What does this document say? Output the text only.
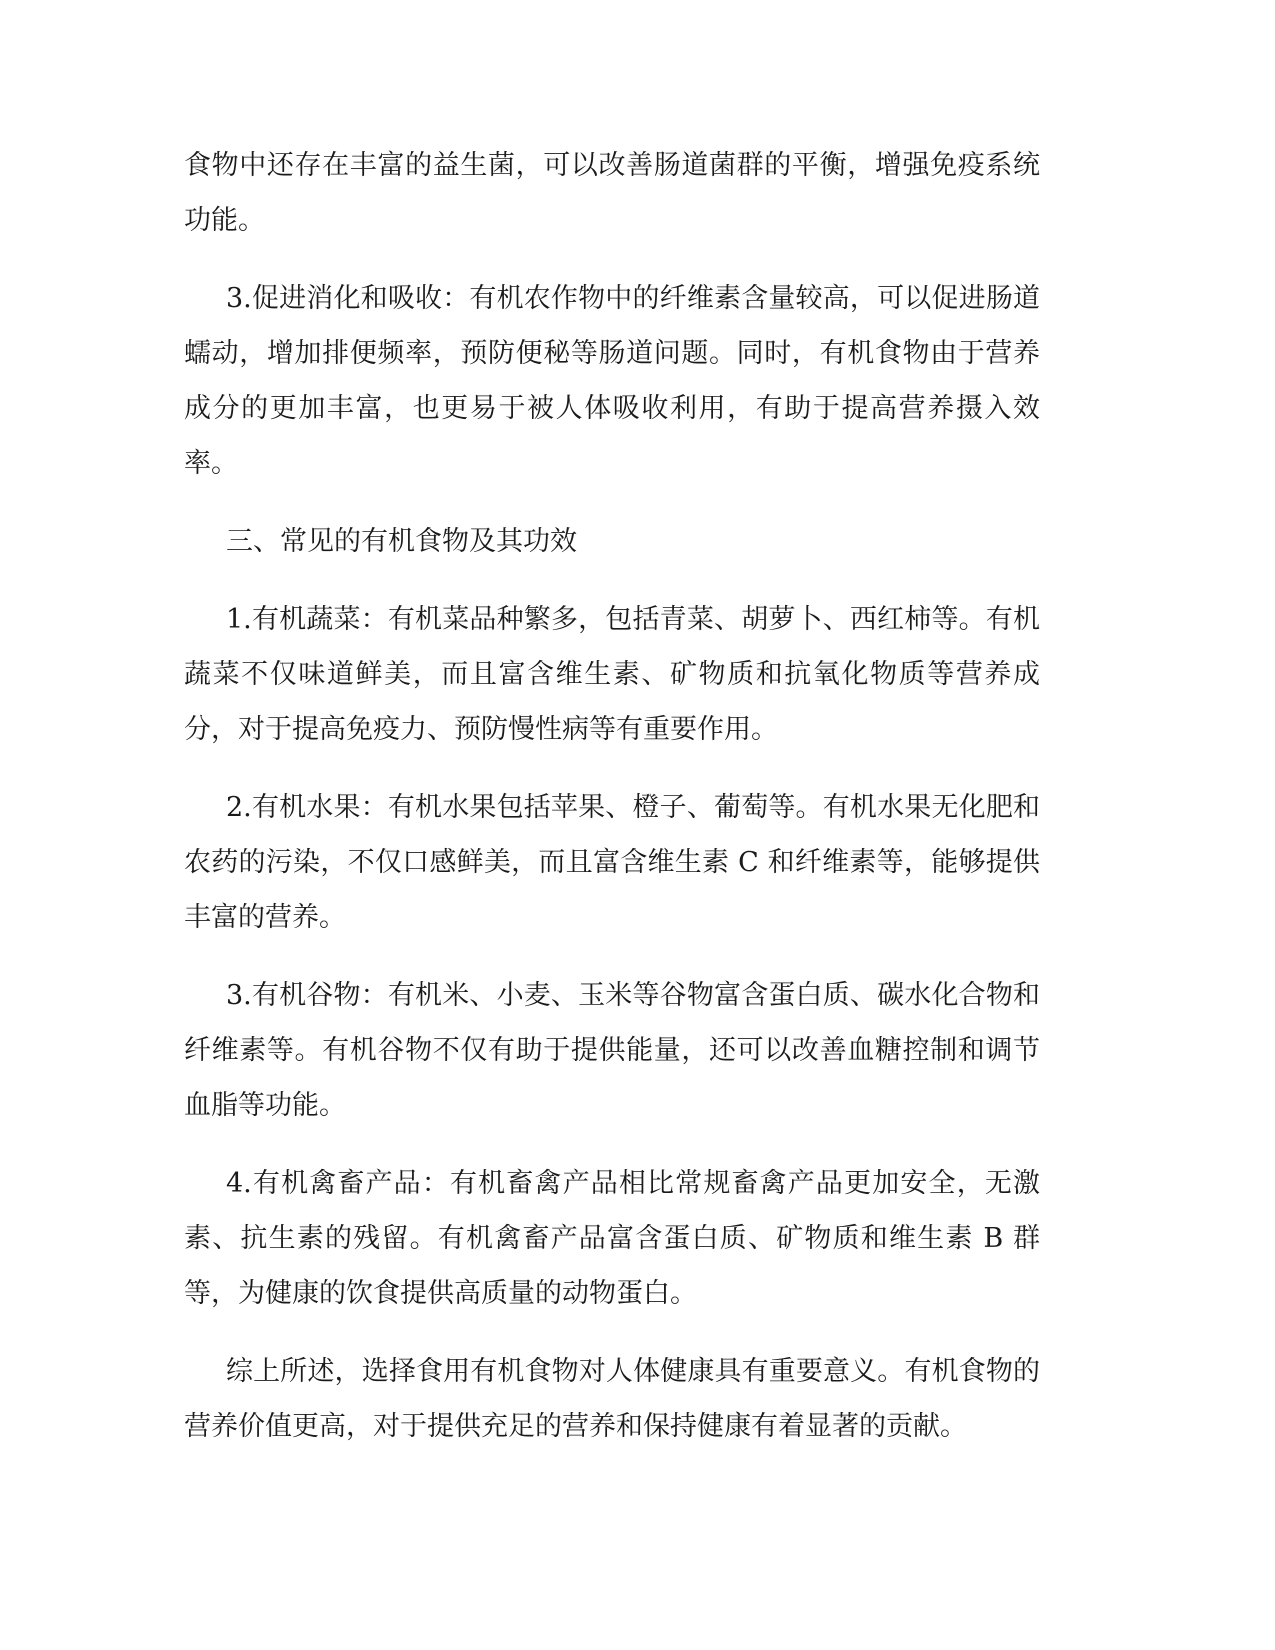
食物中还存在丰富的益生菌，可以改善肠道菌群的平衡，增强免疫系统功能。

3.促进消化和吸收：有机农作物中的纤维素含量较高，可以促进肠道蠕动，增加排便频率，预防便秘等肠道问题。同时，有机食物由于营养成分的更加丰富，也更易于被人体吸收利用，有助于提高营养摄入效率。

三、常见的有机食物及其功效

1.有机蔬菜：有机菜品种繁多，包括青菜、胡萝卜、西红柿等。有机蔬菜不仅味道鲜美，而且富含维生素、矿物质和抗氧化物质等营养成分，对于提高免疫力、预防慢性病等有重要作用。

2.有机水果：有机水果包括苹果、橙子、葡萄等。有机水果无化肥和农药的污染，不仅口感鲜美，而且富含维生素 C 和纤维素等，能够提供丰富的营养。

3.有机谷物：有机米、小麦、玉米等谷物富含蛋白质、碳水化合物和纤维素等。有机谷物不仅有助于提供能量，还可以改善血糖控制和调节血脂等功能。

4.有机禽畜产品：有机畜禽产品相比常规畜禽产品更加安全，无激素、抗生素的残留。有机禽畜产品富含蛋白质、矿物质和维生素 B 群等，为健康的饮食提供高质量的动物蛋白。

综上所述，选择食用有机食物对人体健康具有重要意义。有机食物的营养价值更高，对于提供充足的营养和保持健康有着显著的贡献。
